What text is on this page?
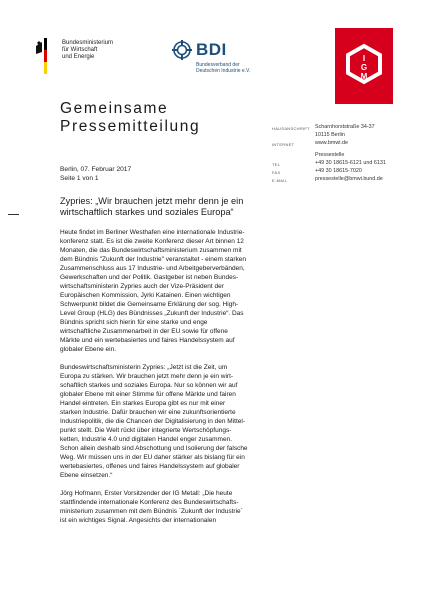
Bundesministerium
für Wirtschaft
und Energie	BDI
Bundesverband der
Deutschen Industrie e.V.
I
G
M
Gemeinsame
Pressemitteilung	HAUSANSCHRIFT Scharnhorststraße 34-37
10115 Berlin
INTERNET	www.bmwi.de
Pressestelle
TEL	+49 30 18615-6121 und 6131
FAX	+49 30 18615-7020
E-MAIL	pressestelle@bmwi.bund.de
Berlin, 07. Februar 2017
Seite 1 von 1
Zypries: „Wir brauchen jetzt mehr denn je ein
wirtschaftlich starkes und soziales Europa“

Heute findet im Berliner Westhafen eine internationale Industrie-
konferenz statt. Es ist die zweite Konferenz dieser Art binnen 12
Monaten, die das Bundeswirtschaftsministerium zusammen mit
dem Bündnis "Zukunft der Industrie" veranstaltet - einem starken
Zusammenschluss aus 17 Industrie- und Arbeitgeberverbänden,
Gewerkschaften und der Politik. Gastgeber ist neben Bundes-
wirtschaftsministerin Zypries auch der Vize-Präsident der
Europäischen Kommission, Jyrki Katainen. Einen wichtigen
Schwerpunkt bildet die Gemeinsame Erklärung der sog. High-
Level Group (HLG) des Bündnisses „Zukunft der Industrie“. Das
Bündnis spricht sich hierin für eine starke und enge
wirtschaftliche Zusammenarbeit in der EU sowie für offene
Märkte und ein wertebasiertes und faires Handelssystem auf
globaler Ebene ein.

Bundeswirtschaftsministerin Zypries: „Jetzt ist die Zeit, um
Europa zu stärken. Wir brauchen jetzt mehr denn je ein wirt-
schaftlich starkes und soziales Europa. Nur so können wir auf
globaler Ebene mit einer Stimme für offene Märkte und fairen
Handel eintreten. Ein starkes Europa gibt es nur mit einer
starken Industrie. Dafür brauchen wir eine zukunftsorientierte
Industriepolitik, die die Chancen der Digitalisierung in den Mittel-
punkt stellt. Die Welt rückt über integrierte Wertschöpfungs-
ketten, Industrie 4.0 und digitalen Handel enger zusammen.
Schon allein deshalb sind Abschottung und Isolierung der falsche
Weg. Wir müssen uns in der EU daher stärker als bislang für ein
wertebasiertes, offenes und faires Handelssystem auf globaler
Ebene einsetzen.“

Jörg Hofmann, Erster Vorsitzender der IG Metall: „Die heute
stattfindende internationale Konferenz des Bundeswirtschafts-
ministerium zusammen mit dem Bündnis `Zukunft der Industrie`
ist ein wichtiges Signal. Angesichts der internationalen
